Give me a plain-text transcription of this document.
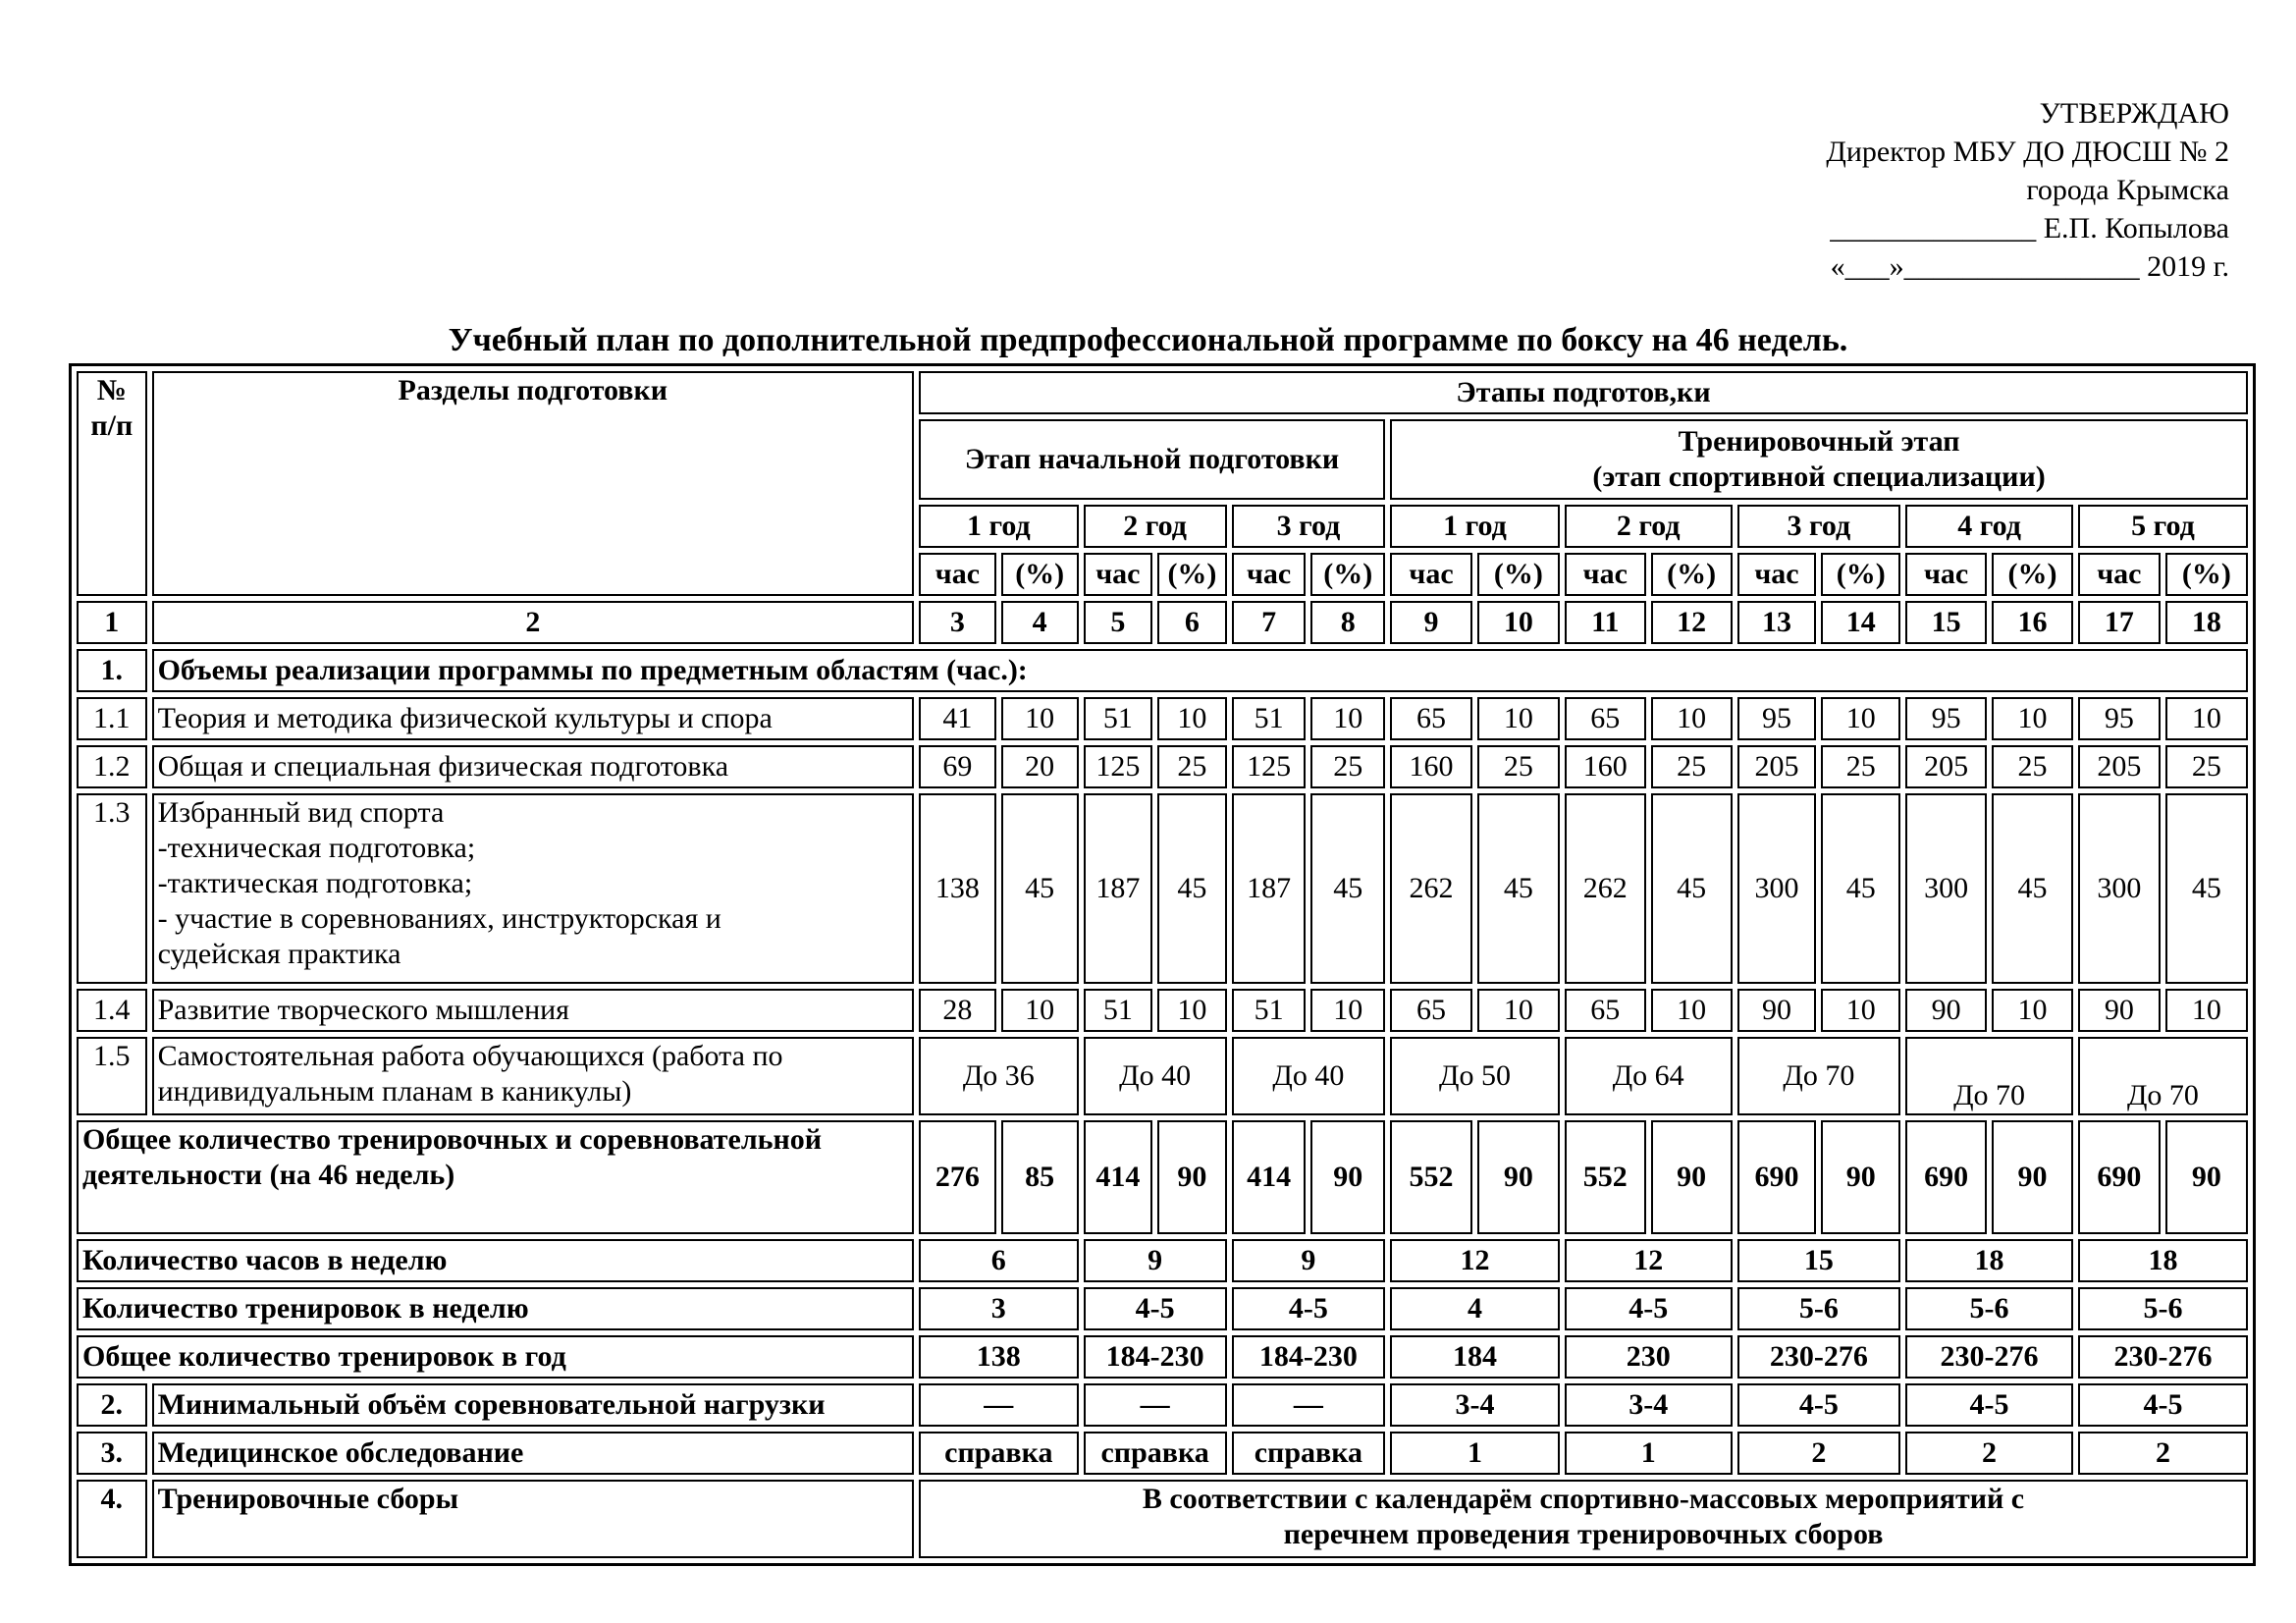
УТВЕРЖДАЮ
Директор МБУ ДО ДЮСШ № 2
города Крымска
______________ Е.П. Копылова
«___»________________ 2019 г.
Учебный план по дополнительной предпрофессиональной программе по боксу на 46 недель.
№ п/п	Разделы подготовки	Этапы подготов,ки															
		Этап начальной подготовки						Тренировочный этап
(этап спортивной специализации)									

		1 год		2 год		3 год		1 год		2 год		3 год		4 год		5 год	
		час	(%)	час	(%)	час	(%)	час	(%)	час	(%)	час	(%)	час	(%)	час	(%)
1	2	3	4	5	6	7	8	9	10	11	12	13	14	15	16	17	18
1.	Объемы реализации программы по предметным областям (час.):																
1.1	Теория и методика физической культуры и спора	41	10	51	10	51	10	65	10	65	10	95	10	95	10	95	10
1.2	Общая и специальная физическая подготовка	69	20	125	25	125	25	160	25	160	25	205	25	205	25	205	25
1.3	Избранный вид спорта
-техническая подготовка;
-тактическая подготовка;
- участие в соревнованиях, инструкторская и
судейская практика	138	45	187	45	187	45	262	45	262	45	300	45	300	45	300	45
1.4	Развитие творческого мышления	28	10	51	10	51	10	65	10	65	10	90	10	90	10	90	10
1.5	Самостоятельная работа обучающихся (работа по индивидуальным планам в каникулы)	До 36		До 40		До 40		До 50		До 64		До 70		До 70		До 70	
Общее количество тренировочных и соревновательной деятельности (на 46 недель)		276	85	414	90	414	90	552	90	552	90	690	90	690	90	690	90
Количество часов в неделю		6		9		9		12		12		15		18		18	
Количество тренировок в неделю		3		4-5		4-5		4		4-5		5-6		5-6		5-6	
Общее количество тренировок в год		138		184-230		184-230		184		230		230-276		230-276		230-276	
2.	Минимальный объём соревновательной нагрузки	—		—		—		3-4		3-4		4-5		4-5		4-5	
3.	Медицинское обследование	справка		справка		справка		1		1		2		2		2	
4.	Тренировочные сборы	В соответствии с календарём спортивно-массовых мероприятий с
перечнем проведения тренировочных сборов															
